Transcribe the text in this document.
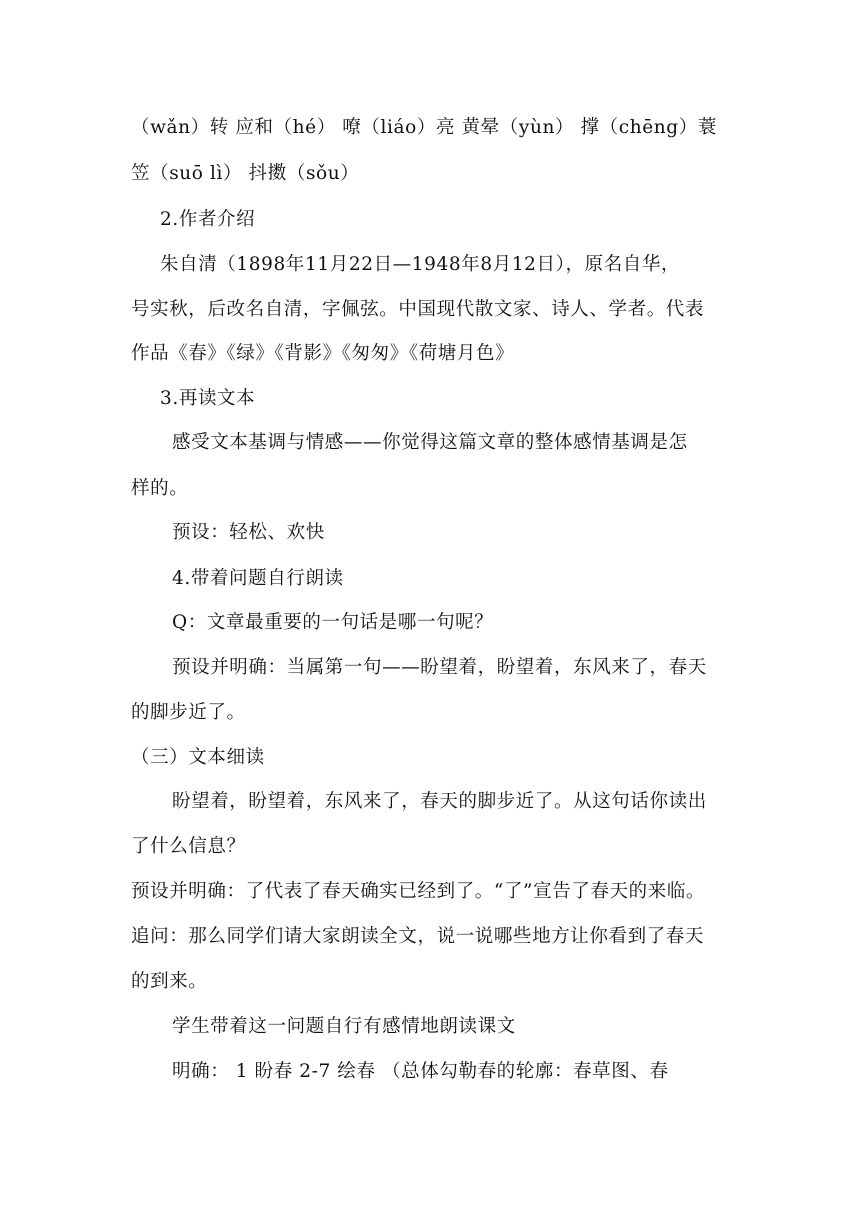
（wǎn）转 应和（hé） 嘹（liáo）亮 黄晕（yùn） 撑（chēng）蓑
笠（suō lì） 抖擞（sǒu）
2.作者介绍
朱自清（1898年11月22日—1948年8月12日），原名自华，
号实秋，后改名自清，字佩弦。中国现代散文家、诗人、学者。代表
作品《春》《绿》《背影》《匆匆》《荷塘月色》
3.再读文本
感受文本基调与情感——你觉得这篇文章的整体感情基调是怎
样的。
预设：轻松、欢快
4.带着问题自行朗读
Q：文章最重要的一句话是哪一句呢？
预设并明确：当属第一句——盼望着，盼望着，东风来了，春天
的脚步近了。
（三）文本细读
盼望着，盼望着，东风来了，春天的脚步近了。从这句话你读出
了什么信息？
预设并明确：了代表了春天确实已经到了。“了”宣告了春天的来临。
追问：那么同学们请大家朗读全文，说一说哪些地方让你看到了春天
的到来。
学生带着这一问题自行有感情地朗读课文
明确： 1 盼春 2-7 绘春 （总体勾勒春的轮廓：春草图、春
